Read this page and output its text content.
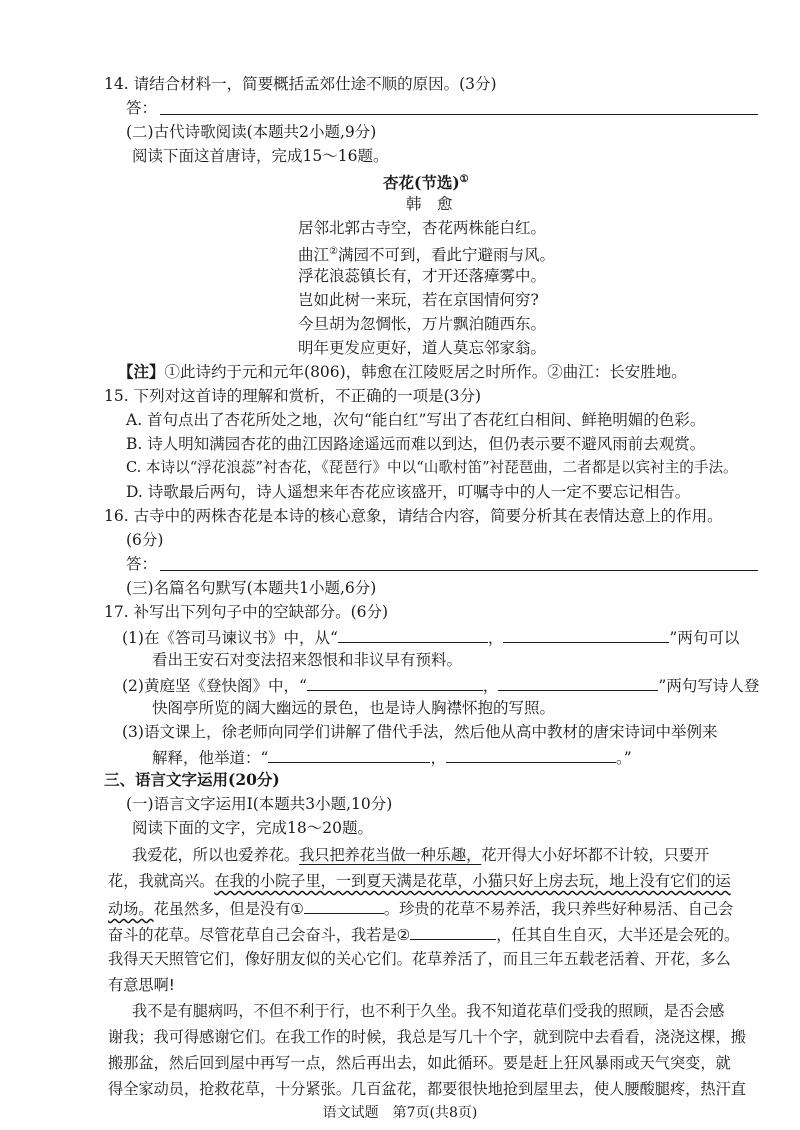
14. 请结合材料一，简要概括孟郊仕途不顺的原因。(3分)
答：
(二)古代诗歌阅读(本题共2小题,9分)
阅读下面这首唐诗，完成15～16题。
杏花(节选)①
韩　愈
居邻北郭古寺空，杏花两株能白红。
曲江②满园不可到，看此宁避雨与风。
浮花浪蕊镇长有，才开还落瘴雾中。
岂如此树一来玩，若在京国情何穷?
今旦胡为忽惆怅，万片飘泊随西东。
明年更发应更好，道人莫忘邻家翁。
【注】①此诗约于元和元年(806)，韩愈在江陵贬居之时所作。②曲江：长安胜地。
15. 下列对这首诗的理解和赏析，不正确的一项是(3分)
A. 首句点出了杏花所处之地，次句“能白红”写出了杏花红白相间、鲜艳明媚的色彩。
B. 诗人明知满园杏花的曲江因路途遥远而难以到达，但仍表示要不避风雨前去观赏。
C. 本诗以“浮花浪蕊”衬杏花，《琵琶行》中以“山歌村笛”衬琵琶曲，二者都是以宾衬主的手法。
D. 诗歌最后两句，诗人遥想来年杏花应该盛开，叮嘱寺中的人一定不要忘记相告。
16. 古寺中的两株杏花是本诗的核心意象，请结合内容，简要分析其在表情达意上的作用。
(6分)
答：
(三)名篇名句默写(本题共1小题,6分)
17. 补写出下列句子中的空缺部分。(6分)
(1)在《答司马谏议书》中，从“	，	”两句可以
看出王安石对变法招来怨恨和非议早有预料。
(2)黄庭坚《登快阁》中，“	，	”两句写诗人登
快阁亭所览的阔大幽远的景色，也是诗人胸襟怀抱的写照。
(3)语文课上，徐老师向同学们讲解了借代手法，然后他从高中教材的唐宋诗词中举例来
解释，他举道：“	，	。”
三、语言文字运用(20分)
(一)语言文字运用Ⅰ(本题共3小题,10分)
阅读下面的文字，完成18～20题。
我爱花，所以也爱养花。我只把养花当做一种乐趣，花开得大小好坏都不计较，只要开
花，我就高兴。在我的小院子里，一到夏天满是花草，小猫只好上房去玩，地上没有它们的运
动场。花虽然多，但是没有①	。珍贵的花草不易养活，我只养些好种易活、自己会
奋斗的花草。尽管花草自己会奋斗，我若是②	，任其自生自灭，大半还是会死的。
我得天天照管它们，像好朋友似的关心它们。花草养活了，而且三年五载老活着、开花，多么
有意思啊!
我不是有腿病吗，不但不利于行，也不利于久坐。我不知道花草们受我的照顾，是否会感
谢我；我可得感谢它们。在我工作的时候，我总是写几十个字，就到院中去看看，浇浇这棵，搬
搬那盆，然后回到屋中再写一点，然后再出去，如此循环。要是赶上狂风暴雨或天气突变，就
得全家动员，抢救花草，十分紧张。几百盆花，都要很快地抢到屋里去，使人腰酸腿疼，热汗直
语文试题　第7页(共8页)
